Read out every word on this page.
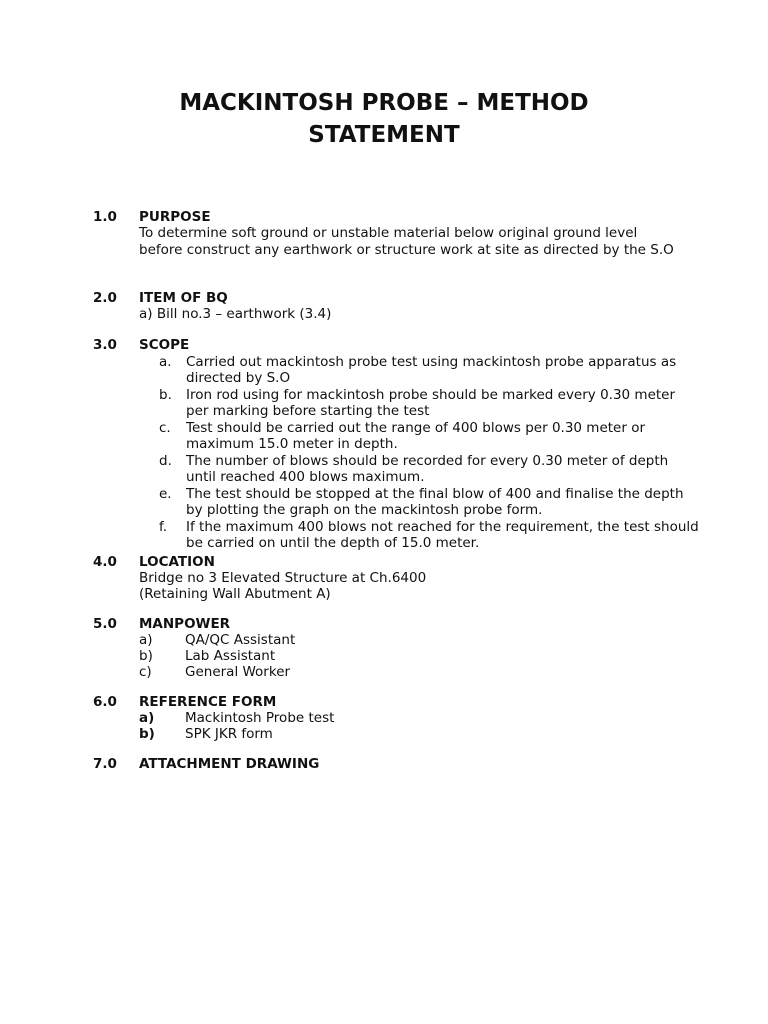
MACKINTOSH PROBE – METHOD
STATEMENT
1.0 PURPOSE
To determine soft ground or unstable material below original ground level before construct any earthwork or structure work at site as directed by the S.O
2.0 ITEM OF BQ
a) Bill no.3 – earthwork (3.4)
3.0 SCOPE
a. Carried out mackintosh probe test using mackintosh probe apparatus as directed by S.O
b. Iron rod using for mackintosh probe should be marked every 0.30 meter per marking before starting the test
c. Test should be carried out the range of 400 blows per 0.30 meter or maximum 15.0 meter in depth.
d. The number of blows should be recorded for every 0.30 meter of depth until reached 400 blows maximum.
e. The test should be stopped at the final blow of 400 and finalise the depth by plotting the graph on the mackintosh probe form.
f. If the maximum 400 blows not reached for the requirement, the test should be carried on until the depth of 15.0 meter.
4.0 LOCATION
Bridge no 3 Elevated Structure at Ch.6400
(Retaining Wall Abutment A)
5.0 MANPOWER
a) QA/QC Assistant
b) Lab Assistant
c) General Worker
6.0 REFERENCE FORM
a) Mackintosh Probe test
b) SPK JKR form
7.0 ATTACHMENT DRAWING
